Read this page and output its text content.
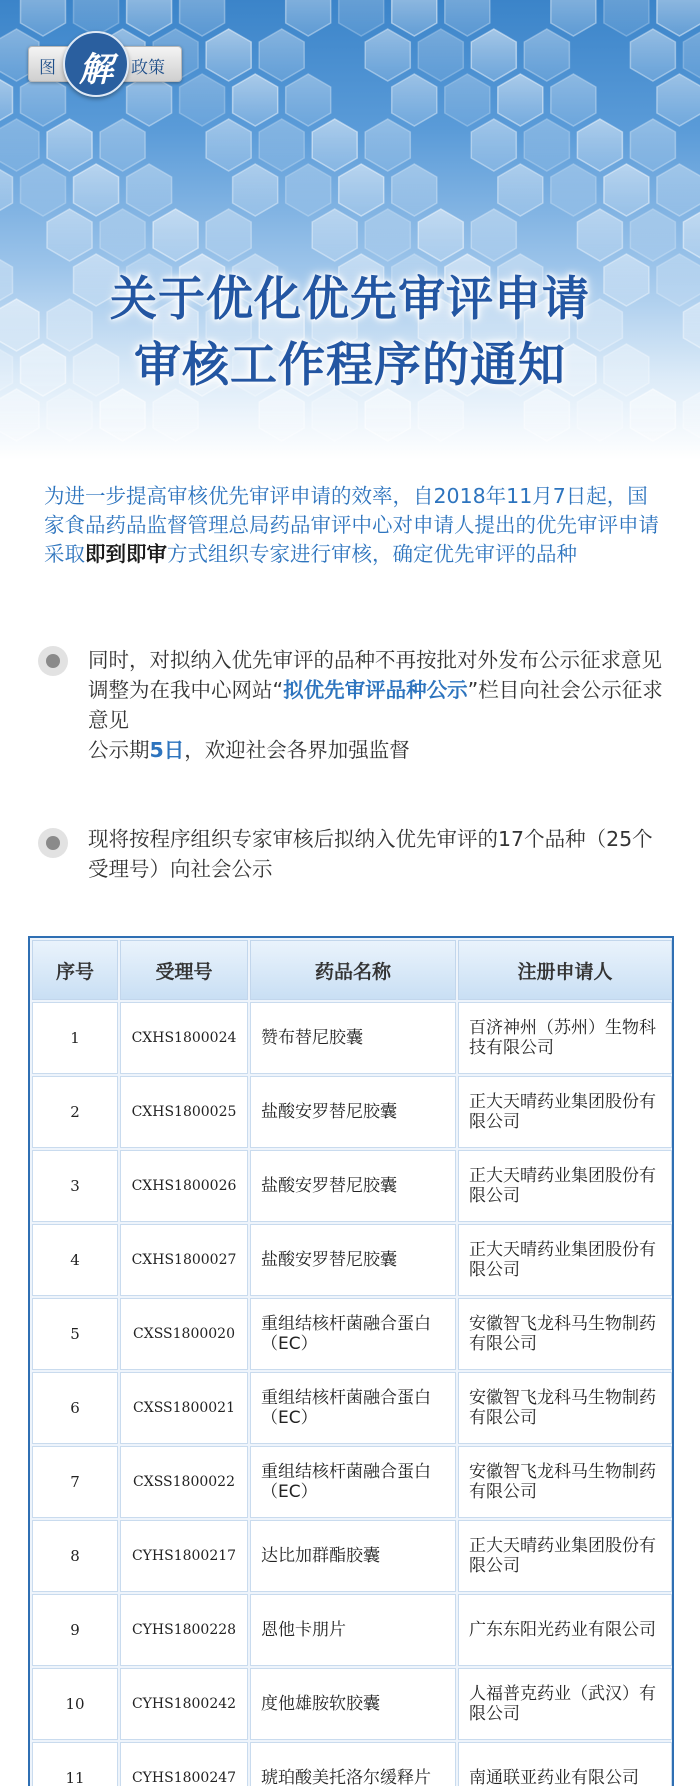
图 解	政策
关于优化优先审评申请
审核工作程序的通知
为进一步提高审核优先审评申请的效率，自2018年11月7日起，国家食品药品监督管理总局药品审评中心对申请人提出的优先审评申请采取即到即审方式组织专家进行审核，确定优先审评的品种
同时，对拟纳入优先审评的品种不再按批对外发布公示征求意见
调整为在我中心网站“拟优先审评品种公示”栏目向社会公示征求意见
公示期5日，欢迎社会各界加强监督
现将按程序组织专家审核后拟纳入优先审评的17个品种（25个受理号）向社会公示
序号	受理号	药品名称	注册申请人
1	CXHS1800024	赞布替尼胶囊	百济神州（苏州）生物科技有限公司
2	CXHS1800025	盐酸安罗替尼胶囊	正大天晴药业集团股份有限公司
3	CXHS1800026	盐酸安罗替尼胶囊	正大天晴药业集团股份有限公司
4	CXHS1800027	盐酸安罗替尼胶囊	正大天晴药业集团股份有限公司
5	CXSS1800020	重组结核杆菌融合蛋白（EC）	安徽智飞龙科马生物制药有限公司
6	CXSS1800021	重组结核杆菌融合蛋白（EC）	安徽智飞龙科马生物制药有限公司
7	CXSS1800022	重组结核杆菌融合蛋白（EC）	安徽智飞龙科马生物制药有限公司
8	CYHS1800217	达比加群酯胶囊	正大天晴药业集团股份有限公司
9	CYHS1800228	恩他卡朋片	广东东阳光药业有限公司
10	CYHS1800242	度他雄胺软胶囊	人福普克药业（武汉）有限公司
11	CYHS1800247	琥珀酸美托洛尔缓释片	南通联亚药业有限公司
